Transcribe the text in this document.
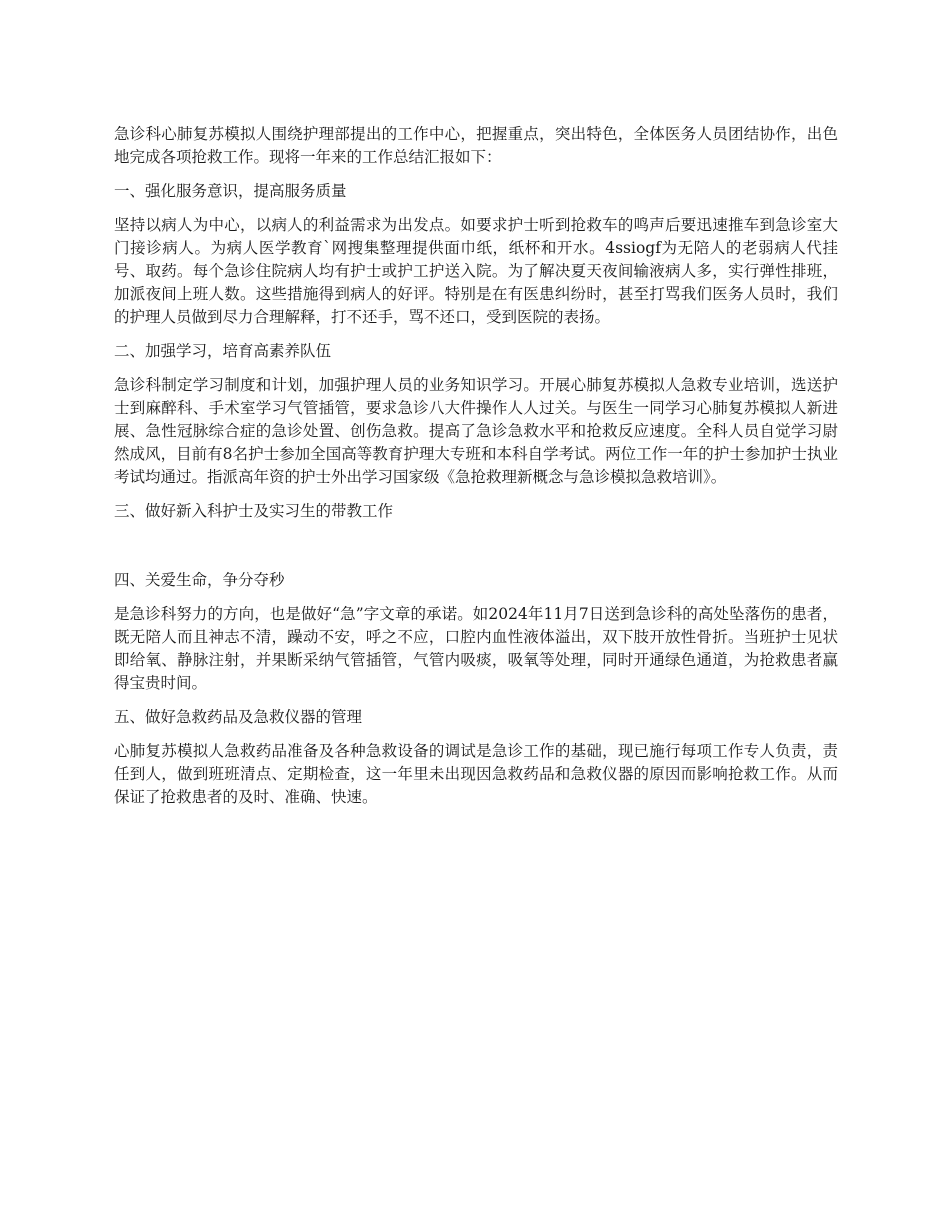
急诊科心肺复苏模拟人围绕护理部提出的工作中心，把握重点，突出特色，全体医务人员团结协作，出色地完成各项抢救工作。现将一年来的工作总结汇报如下：

一、强化服务意识，提高服务质量

坚持以病人为中心，以病人的利益需求为出发点。如要求护士听到抢救车的鸣声后要迅速推车到急诊室大门接诊病人。为病人医学教育`网搜集整理提供面巾纸，纸杯和开水。4ssiogf为无陪人的老弱病人代挂号、取药。每个急诊住院病人均有护士或护工护送入院。为了解决夏天夜间输液病人多，实行弹性排班，加派夜间上班人数。这些措施得到病人的好评。特别是在有医患纠纷时，甚至打骂我们医务人员时，我们的护理人员做到尽力合理解释，打不还手，骂不还口，受到医院的表扬。

二、加强学习，培育高素养队伍

急诊科制定学习制度和计划，加强护理人员的业务知识学习。开展心肺复苏模拟人急救专业培训，选送护士到麻醉科、手术室学习气管插管，要求急诊八大件操作人人过关。与医生一同学习心肺复苏模拟人新进展、急性冠脉综合症的急诊处置、创伤急救。提高了急诊急救水平和抢救反应速度。全科人员自觉学习尉然成风，目前有8名护士参加全国高等教育护理大专班和本科自学考试。两位工作一年的护士参加护士执业考试均通过。指派高年资的护士外出学习国家级《急抢救理新概念与急诊模拟急救培训》。

三、做好新入科护士及实习生的带教工作

四、关爱生命，争分夺秒

是急诊科努力的方向，也是做好“急”字文章的承诺。如2024年11月7日送到急诊科的高处坠落伤的患者，既无陪人而且神志不清，躁动不安，呼之不应，口腔内血性液体溢出，双下肢开放性骨折。当班护士见状即给氧、静脉注射，并果断采纳气管插管，气管内吸痰，吸氧等处理，同时开通绿色通道，为抢救患者赢得宝贵时间。

五、做好急救药品及急救仪器的管理

心肺复苏模拟人急救药品准备及各种急救设备的调试是急诊工作的基础，现已施行每项工作专人负责，责任到人，做到班班清点、定期检查，这一年里未出现因急救药品和急救仪器的原因而影响抢救工作。从而保证了抢救患者的及时、准确、快速。
